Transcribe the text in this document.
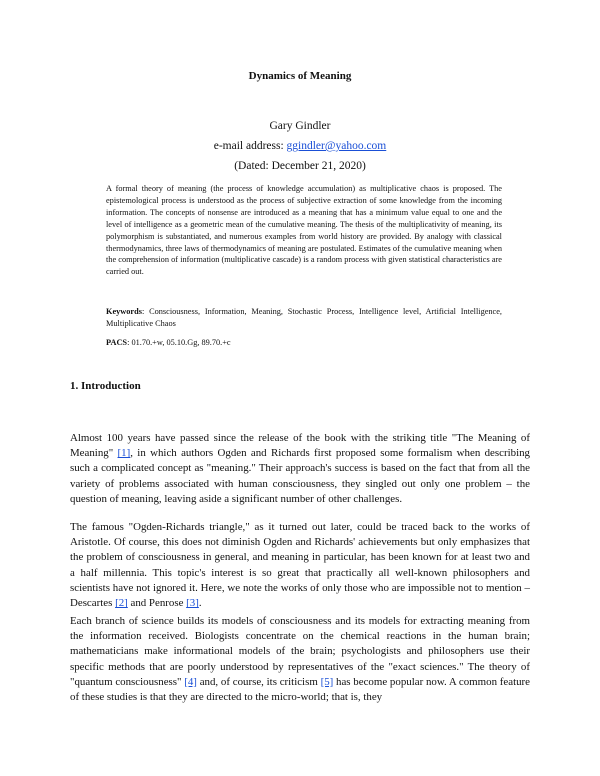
Dynamics of Meaning
Gary Gindler
e-mail address: ggindler@yahoo.com
(Dated: December 21, 2020)
A formal theory of meaning (the process of knowledge accumulation) as multiplicative chaos is proposed. The epistemological process is understood as the process of subjective extraction of some knowledge from the incoming information. The concepts of nonsense are introduced as a meaning that has a minimum value equal to one and the level of intelligence as a geometric mean of the cumulative meaning. The thesis of the multiplicativity of meaning, its polymorphism is substantiated, and numerous examples from world history are provided. By analogy with classical thermodynamics, three laws of thermodynamics of meaning are postulated. Estimates of the cumulative meaning when the comprehension of information (multiplicative cascade) is a random process with given statistical characteristics are carried out.
Keywords: Consciousness, Information, Meaning, Stochastic Process, Intelligence level, Artificial Intelligence, Multiplicative Chaos
PACS: 01.70.+w, 05.10.Gg, 89.70.+c
1. Introduction
Almost 100 years have passed since the release of the book with the striking title "The Meaning of Meaning" [1], in which authors Ogden and Richards first proposed some formalism when describing such a complicated concept as "meaning." Their approach's success is based on the fact that from all the variety of problems associated with human consciousness, they singled out only one problem – the question of meaning, leaving aside a significant number of other challenges.
The famous "Ogden-Richards triangle," as it turned out later, could be traced back to the works of Aristotle. Of course, this does not diminish Ogden and Richards' achievements but only emphasizes that the problem of consciousness in general, and meaning in particular, has been known for at least two and a half millennia. This topic's interest is so great that practically all well-known philosophers and scientists have not ignored it. Here, we note the works of only those who are impossible not to mention – Descartes [2] and Penrose [3].
Each branch of science builds its models of consciousness and its models for extracting meaning from the information received. Biologists concentrate on the chemical reactions in the human brain; mathematicians make informational models of the brain; psychologists and philosophers use their specific methods that are poorly understood by representatives of the "exact sciences." The theory of "quantum consciousness" [4] and, of course, its criticism [5] has become popular now. A common feature of these studies is that they are directed to the micro-world; that is, they
